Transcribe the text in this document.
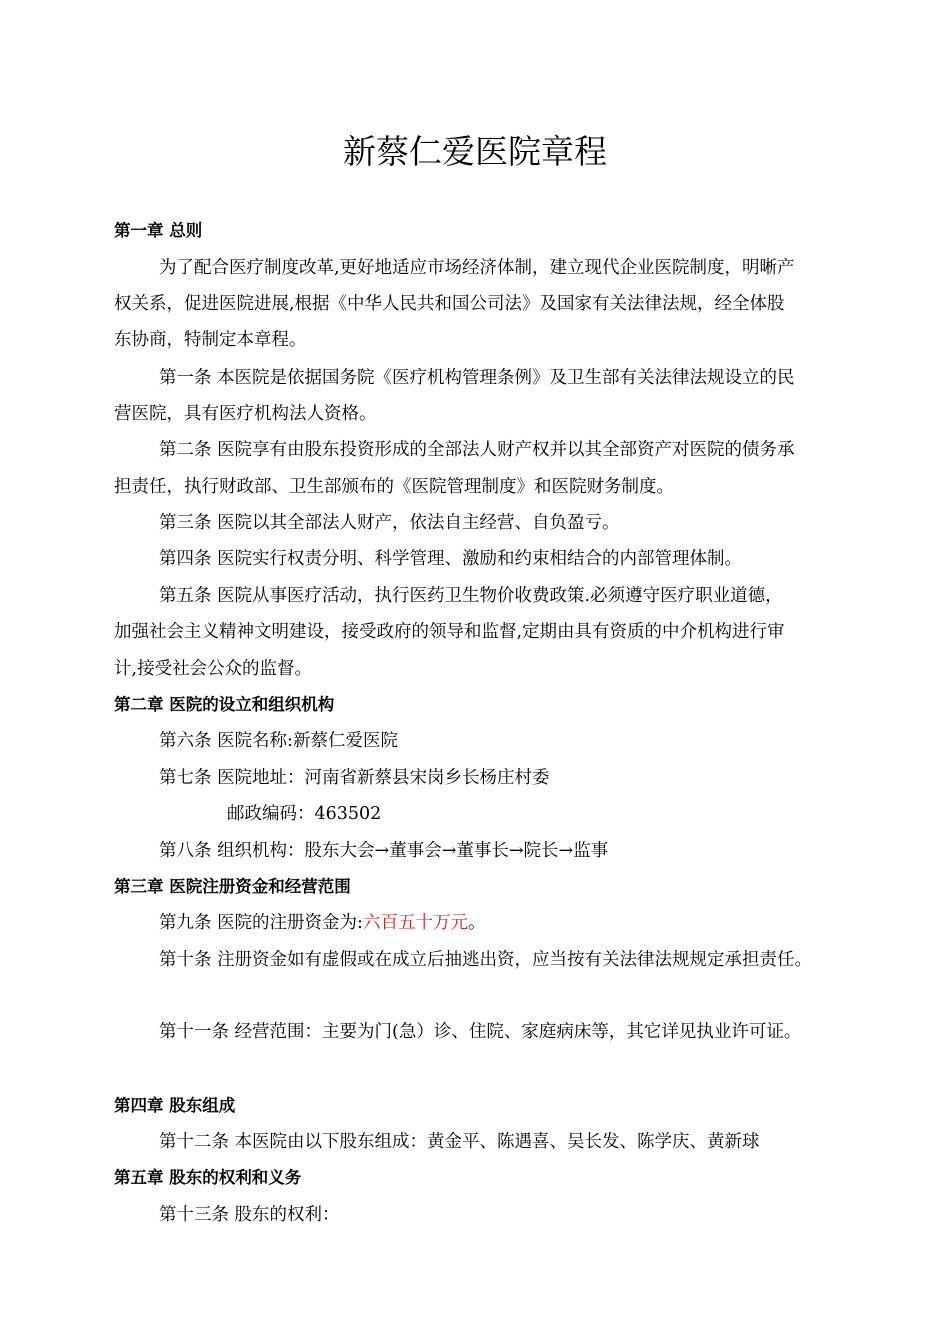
新蔡仁爱医院章程
第一章 总则
为了配合医疗制度改革,更好地适应市场经济体制，建立现代企业医院制度，明晰产
权关系，促进医院进展,根据《中华人民共和国公司法》及国家有关法律法规，经全体股
东协商，特制定本章程。
第一条 本医院是依据国务院《医疗机构管理条例》及卫生部有关法律法规设立的民
营医院，具有医疗机构法人资格。
第二条 医院享有由股东投资形成的全部法人财产权并以其全部资产对医院的债务承
担责任，执行财政部、卫生部颁布的《医院管理制度》和医院财务制度。
第三条 医院以其全部法人财产，依法自主经营、自负盈亏。
第四条 医院实行权责分明、科学管理、激励和约束相结合的内部管理体制。
第五条 医院从事医疗活动，执行医药卫生物价收费政策.必须遵守医疗职业道德，
加强社会主义精神文明建设，接受政府的领导和监督,定期由具有资质的中介机构进行审
计,接受社会公众的监督。
第二章 医院的设立和组织机构
第六条 医院名称:新蔡仁爱医院
第七条 医院地址：河南省新蔡县宋岗乡长杨庄村委
邮政编码：463502
第八条 组织机构：股东大会→董事会→董事长→院长→监事
第三章 医院注册资金和经营范围
第九条 医院的注册资金为:六百五十万元。
第十条 注册资金如有虚假或在成立后抽逃出资，应当按有关法律法规规定承担责任。
第十一条 经营范围：主要为门(急）诊、住院、家庭病床等，其它详见执业许可证。
第四章 股东组成
第十二条 本医院由以下股东组成：黄金平、陈遇喜、吴长发、陈学庆、黄新球
第五章 股东的权利和义务
第十三条 股东的权利：
